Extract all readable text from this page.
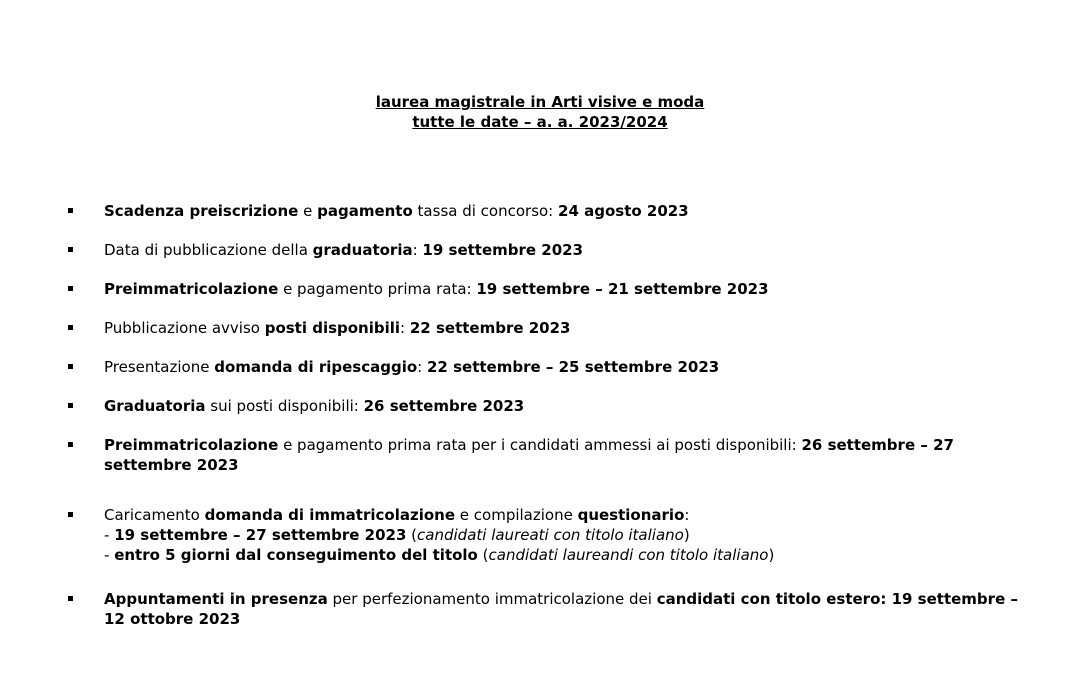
laurea magistrale in Arti visive e moda
tutte le date – a. a. 2023/2024
Scadenza preiscrizione e pagamento tassa di concorso: 24 agosto 2023
Data di pubblicazione della graduatoria: 19 settembre 2023
Preimmatricolazione e pagamento prima rata: 19 settembre – 21 settembre 2023
Pubblicazione avviso posti disponibili: 22 settembre 2023
Presentazione domanda di ripescaggio: 22 settembre – 25 settembre 2023
Graduatoria sui posti disponibili: 26 settembre 2023
Preimmatricolazione e pagamento prima rata per i candidati ammessi ai posti disponibili: 26 settembre – 27 settembre 2023
Caricamento domanda di immatricolazione e compilazione questionario:
- 19 settembre – 27 settembre 2023 (candidati laureati con titolo italiano)
- entro 5 giorni dal conseguimento del titolo (candidati laureandi con titolo italiano)
Appuntamenti in presenza per perfezionamento immatricolazione dei candidati con titolo estero: 19 settembre – 12 ottobre 2023
